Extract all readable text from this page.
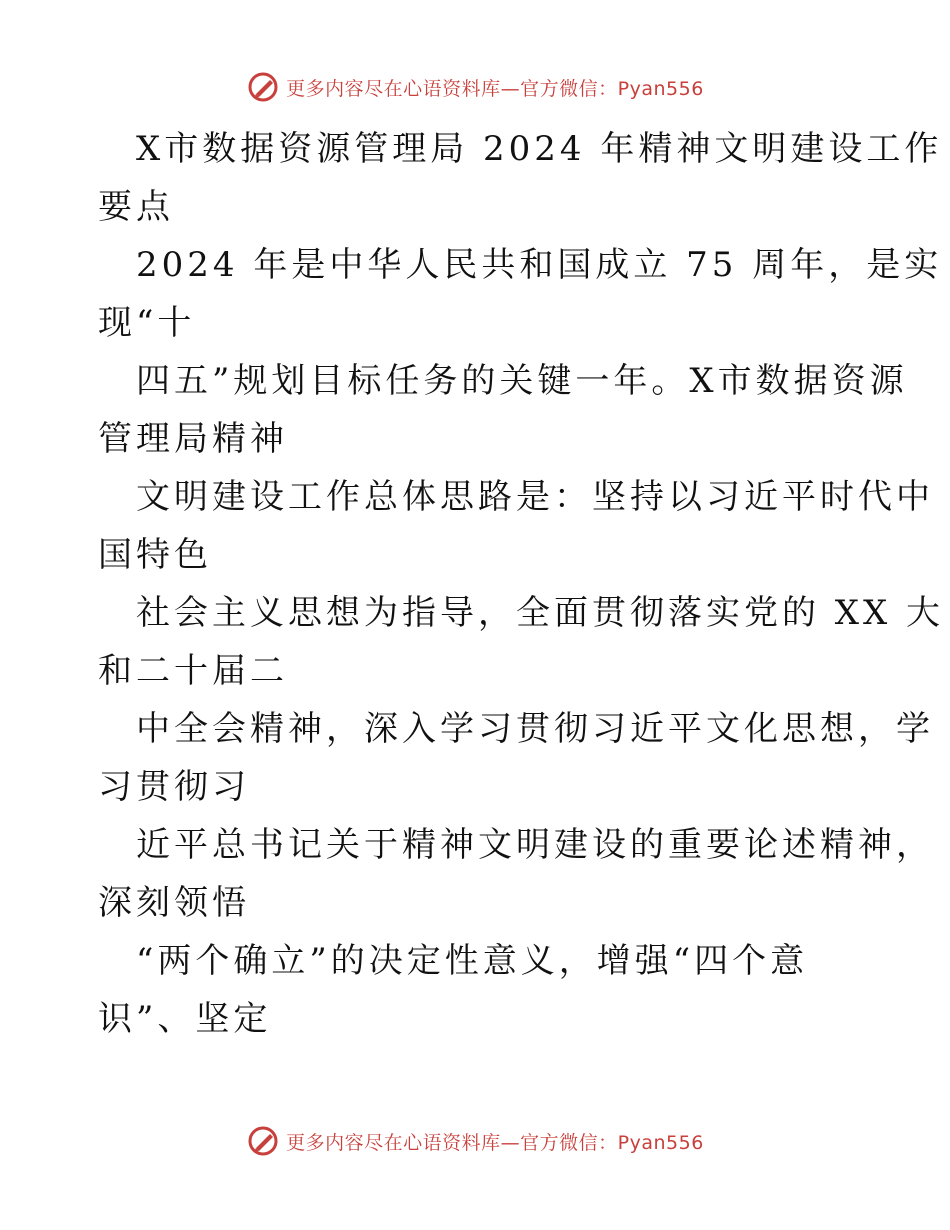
更多内容尽在心语资料库—官方微信：Pyan556
X市数据资源管理局 2024 年精神文明建设工作
要点
2024 年是中华人民共和国成立 75 周年，是实
现“十
四五”规划目标任务的关键一年。X市数据资源
管理局精神
文明建设工作总体思路是：坚持以习近平时代中
国特色
社会主义思想为指导，全面贯彻落实党的 XX 大
和二十届二
中全会精神，深入学习贯彻习近平文化思想，学
习贯彻习
近平总书记关于精神文明建设的重要论述精神，
深刻领悟
“两个确立”的决定性意义，增强“四个意
识”、坚定
更多内容尽在心语资料库—官方微信：Pyan556
